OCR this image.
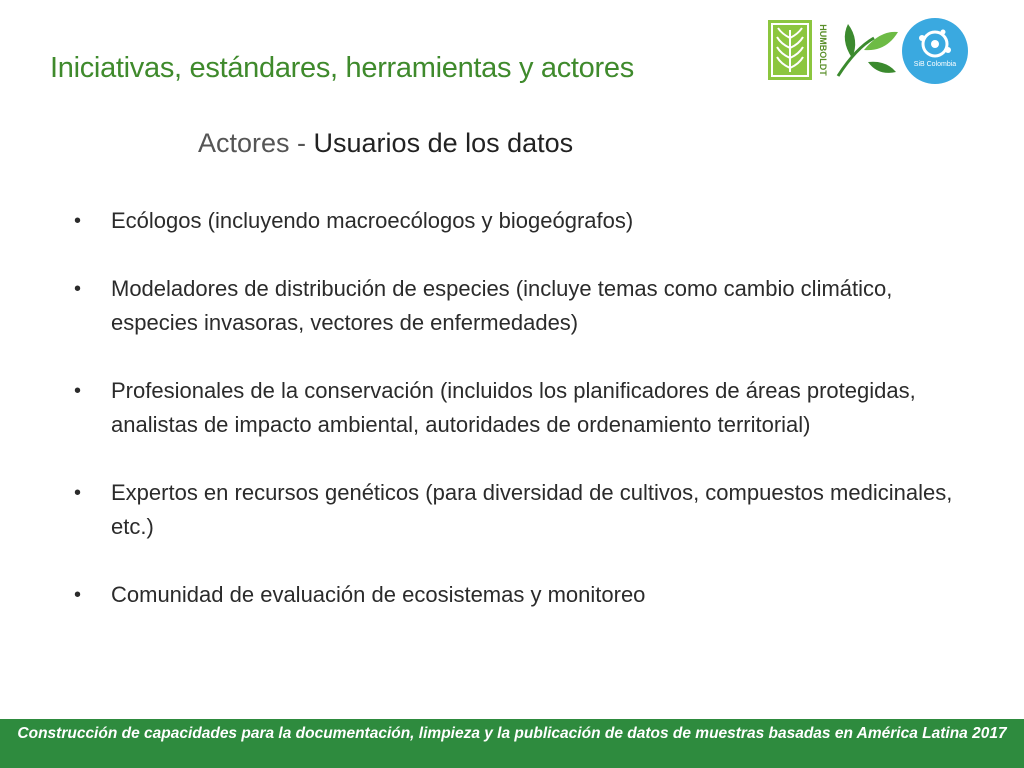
Iniciativas, estándares, herramientas y actores	HUMBOLDT	SiB Colombia
Actores - Usuarios de los datos
• Ecólogos (incluyendo macroecólogos y biogeógrafos)
• Modeladores de distribución de especies (incluye temas como cambio climático, especies invasoras, vectores de enfermedades)
• Profesionales de la conservación (incluidos los planificadores de áreas protegidas, analistas de impacto ambiental, autoridades de ordenamiento territorial)
• Expertos en recursos genéticos (para diversidad de cultivos, compuestos medicinales, etc.)
• Comunidad de evaluación de ecosistemas y monitoreo
Construcción de capacidades para la documentación, limpieza y la publicación de datos de muestras basadas en América Latina 2017
